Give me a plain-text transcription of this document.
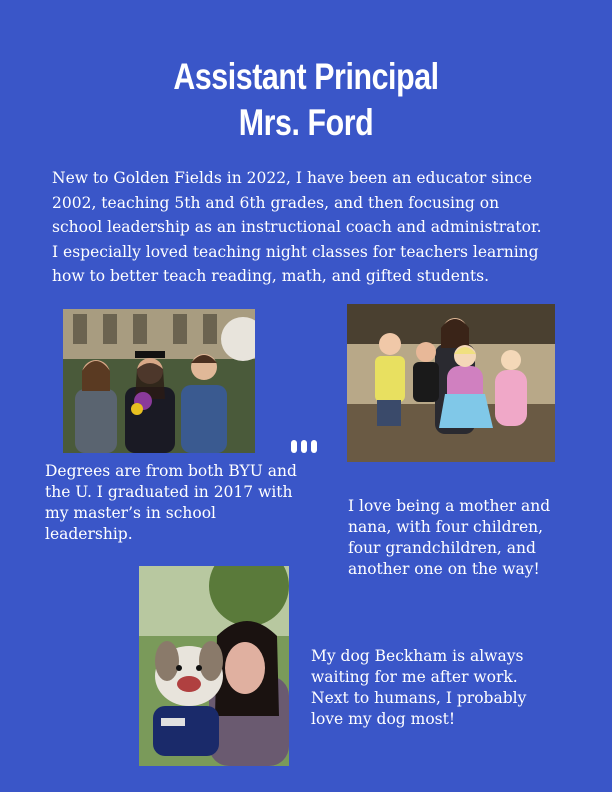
Assistant Principal
Mrs. Ford
New to Golden Fields in 2022, I have been an educator since
2002, teaching 5th and 6th grades, and then focusing on
school leadership as an instructional coach and administrator.
I especially loved teaching night classes for teachers learning
how to better teach reading, math, and gifted students.
Degrees are from both BYU and
the U. I graduated in 2017 with
my master’s in school
leadership.
I love being a mother and
nana, with four children,
four grandchildren, and
another one on the way!
My dog Beckham is always
waiting for me after work.
Next to humans, I probably
love my dog most!
